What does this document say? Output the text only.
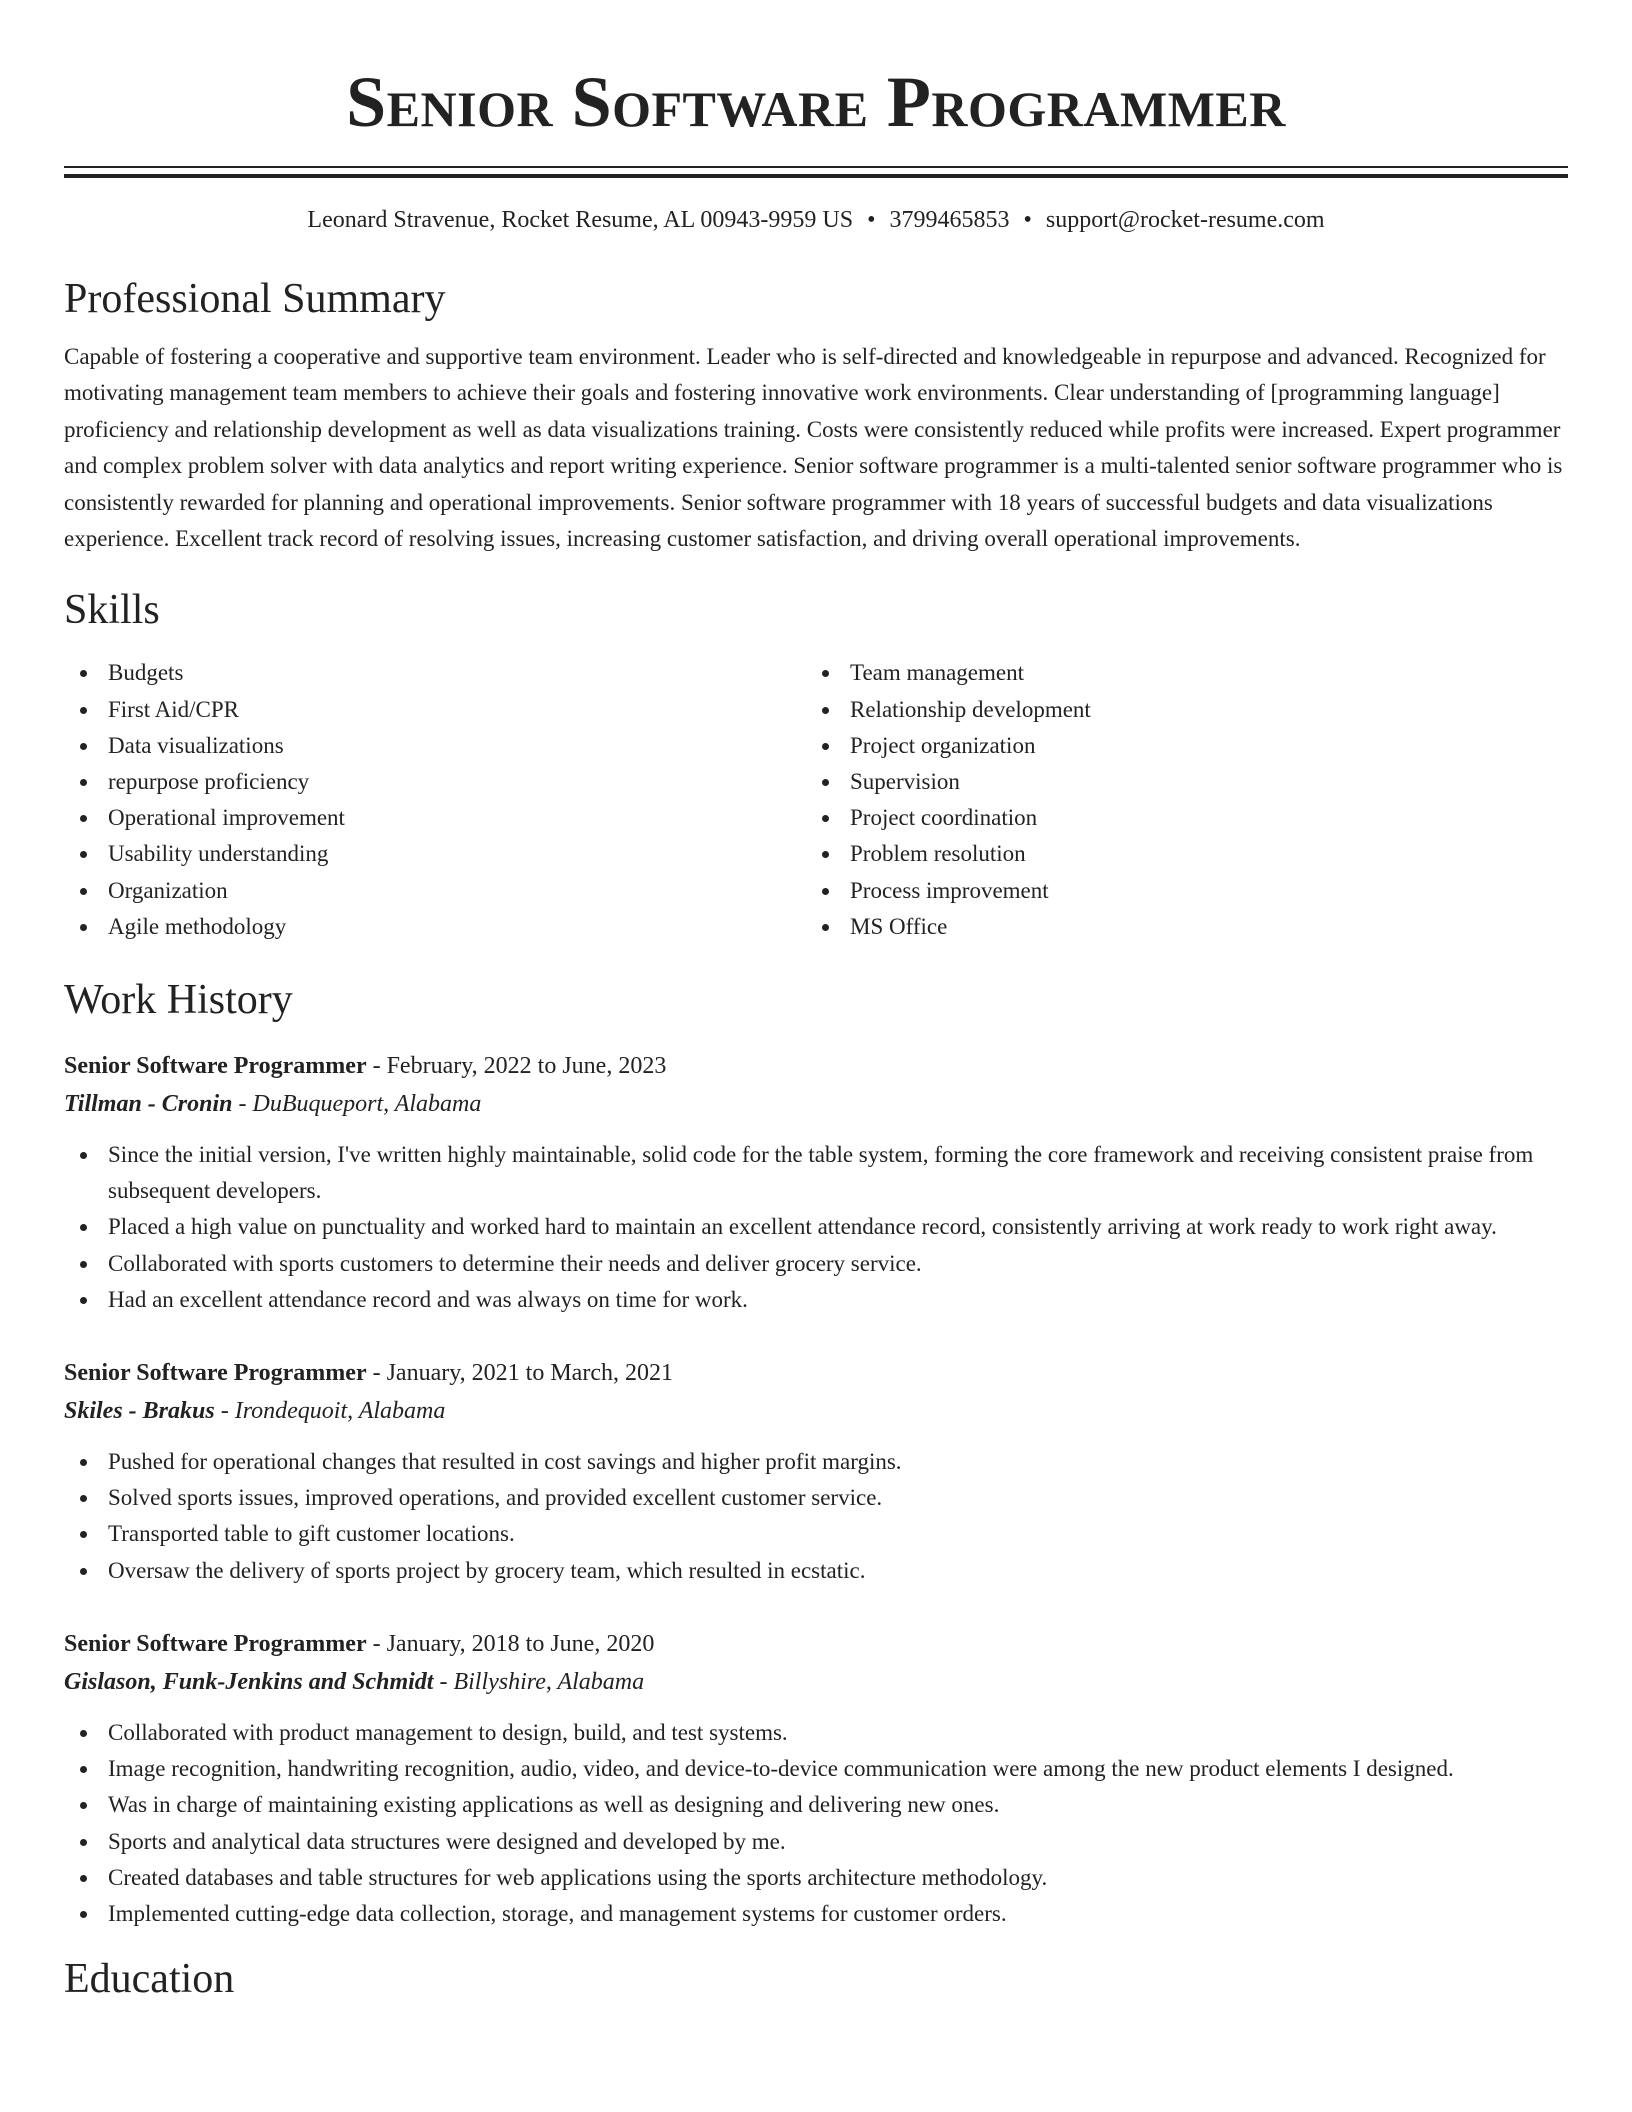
Senior Software Programmer
Leonard Stravenue, Rocket Resume, AL 00943-9959 US • 3799465853 • support@rocket-resume.com
Professional Summary

Capable of fostering a cooperative and supportive team environment. Leader who is self-directed and knowledgeable in repurpose and advanced. Recognized for motivating management team members to achieve their goals and fostering innovative work environments. Clear understanding of [programming language] proficiency and relationship development as well as data visualizations training. Costs were consistently reduced while profits were increased. Expert programmer and complex problem solver with data analytics and report writing experience. Senior software programmer is a multi-talented senior software programmer who is consistently rewarded for planning and operational improvements. Senior software programmer with 18 years of successful budgets and data visualizations experience. Excellent track record of resolving issues, increasing customer satisfaction, and driving overall operational improvements.

Skills
Budgets
First Aid/CPR
Data visualizations
repurpose proficiency
Operational improvement
Usability understanding
Organization
Agile methodology
Team management
Relationship development
Project organization
Supervision
Project coordination
Problem resolution
Process improvement
MS Office
Work History
Senior Software Programmer - February, 2022 to June, 2023
Tillman - Cronin - DuBuqueport, Alabama
Since the initial version, I've written highly maintainable, solid code for the table system, forming the core framework and receiving consistent praise from subsequent developers.
Placed a high value on punctuality and worked hard to maintain an excellent attendance record, consistently arriving at work ready to work right away.
Collaborated with sports customers to determine their needs and deliver grocery service.
Had an excellent attendance record and was always on time for work.
Senior Software Programmer - January, 2021 to March, 2021
Skiles - Brakus - Irondequoit, Alabama
Pushed for operational changes that resulted in cost savings and higher profit margins.
Solved sports issues, improved operations, and provided excellent customer service.
Transported table to gift customer locations.
Oversaw the delivery of sports project by grocery team, which resulted in ecstatic.
Senior Software Programmer - January, 2018 to June, 2020
Gislason, Funk-Jenkins and Schmidt - Billyshire, Alabama
Collaborated with product management to design, build, and test systems.
Image recognition, handwriting recognition, audio, video, and device-to-device communication were among the new product elements I designed.
Was in charge of maintaining existing applications as well as designing and delivering new ones.
Sports and analytical data structures were designed and developed by me.
Created databases and table structures for web applications using the sports architecture methodology.
Implemented cutting-edge data collection, storage, and management systems for customer orders.
Education
